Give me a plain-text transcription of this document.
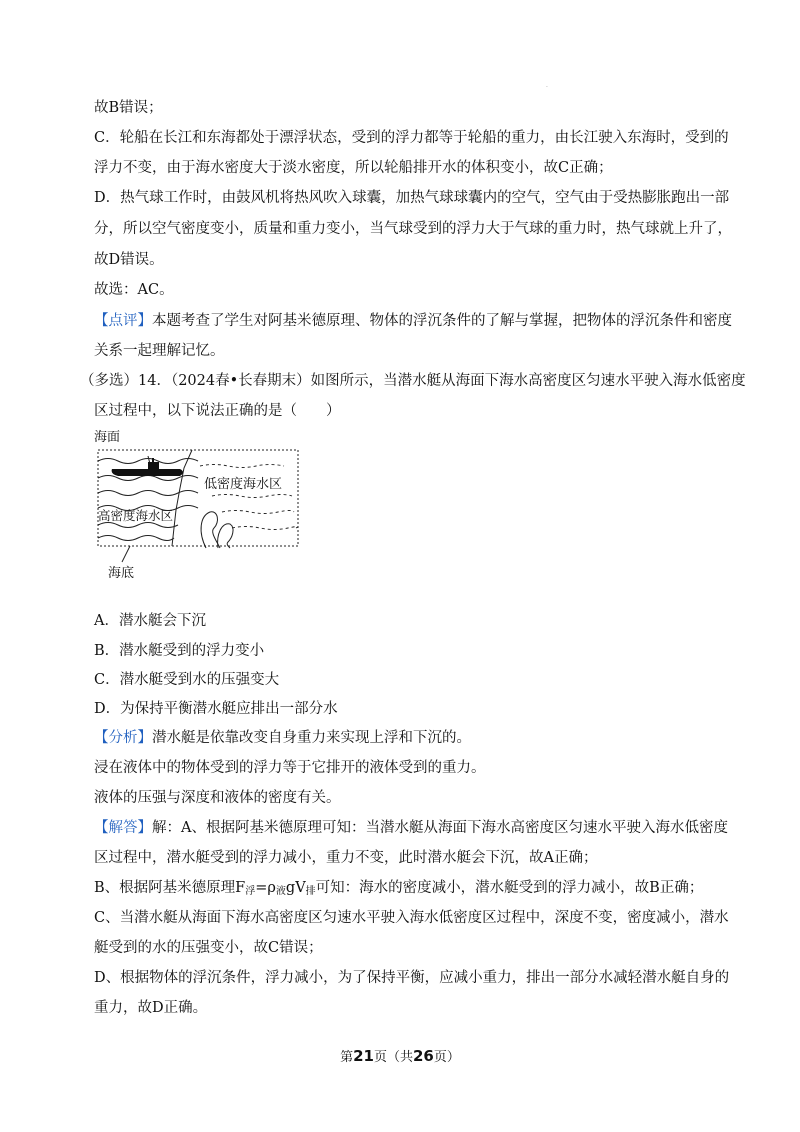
·
故B错误；
C．轮船在长江和东海都处于漂浮状态，受到的浮力都等于轮船的重力，由长江驶入东海时，受到的
浮力不变，由于海水密度大于淡水密度，所以轮船排开水的体积变小，故C正确；
D．热气球工作时，由鼓风机将热风吹入球囊，加热气球球囊内的空气，空气由于受热膨胀跑出一部
分，所以空气密度变小，质量和重力变小，当气球受到的浮力大于气球的重力时，热气球就上升了，
故D错误。
故选：AC。
【点评】本题考查了学生对阿基米德原理、物体的浮沉条件的了解与掌握，把物体的浮沉条件和密度
关系一起理解记忆。
（多选）14．（2024春•长春期末）如图所示，当潜水艇从海面下海水高密度区匀速水平驶入海水低密度
区过程中，以下说法正确的是（　　）
海面
低密度海水区
高密度海水区
海底
A．潜水艇会下沉
B．潜水艇受到的浮力变小
C．潜水艇受到水的压强变大
D．为保持平衡潜水艇应排出一部分水
【分析】潜水艇是依靠改变自身重力来实现上浮和下沉的。
浸在液体中的物体受到的浮力等于它排开的液体受到的重力。
液体的压强与深度和液体的密度有关。
【解答】解：A、根据阿基米德原理可知：当潜水艇从海面下海水高密度区匀速水平驶入海水低密度
区过程中，潜水艇受到的浮力减小，重力不变，此时潜水艇会下沉，故A正确；
B、根据阿基米德原理$F_浮=\rho_液gV_排$可知：海水的密度减小，潜水艇受到的浮力减小，故B正确；
C、当潜水艇从海面下海水高密度区匀速水平驶入海水低密度区过程中，深度不变，密度减小，潜水
艇受到的水的压强变小，故C错误；
D、根据物体的浮沉条件，浮力减小，为了保持平衡，应减小重力，排出一部分水减轻潜水艇自身的
重力，故D正确。
第21页（共26页）
